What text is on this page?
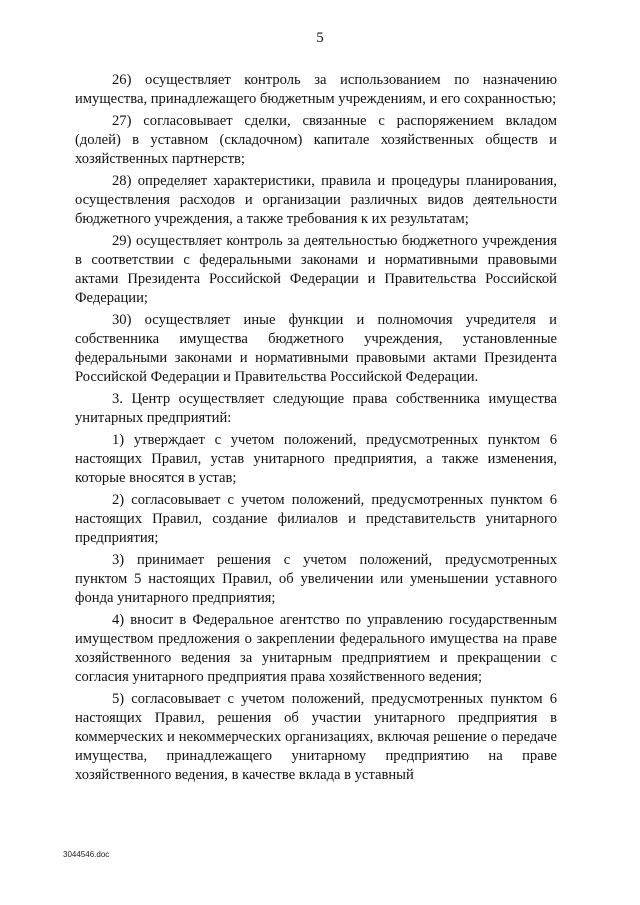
5

26) осуществляет контроль за использованием по назначению имущества, принадлежащего бюджетным учреждениям, и его сохранностью;

27) согласовывает сделки, связанные с распоряжением вкладом (долей) в уставном (складочном) капитале хозяйственных обществ и хозяйственных партнерств;

28) определяет характеристики, правила и процедуры планирования, осуществления расходов и организации различных видов деятельности бюджетного учреждения, а также требования к их результатам;

29) осуществляет контроль за деятельностью бюджетного учреждения в соответствии с федеральными законами и нормативными правовыми актами Президента Российской Федерации и Правительства Российской Федерации;

30) осуществляет иные функции и полномочия учредителя и собственника имущества бюджетного учреждения, установленные федеральными законами и нормативными правовыми актами Президента Российской Федерации и Правительства Российской Федерации.

3. Центр осуществляет следующие права собственника имущества унитарных предприятий:

1) утверждает с учетом положений, предусмотренных пунктом 6 настоящих Правил, устав унитарного предприятия, а также изменения, которые вносятся в устав;

2) согласовывает с учетом положений, предусмотренных пунктом 6 настоящих Правил, создание филиалов и представительств унитарного предприятия;

3) принимает решения с учетом положений, предусмотренных пунктом 5 настоящих Правил, об увеличении или уменьшении уставного фонда унитарного предприятия;

4) вносит в Федеральное агентство по управлению государственным имуществом предложения о закреплении федерального имущества на праве хозяйственного ведения за унитарным предприятием и прекращении с согласия унитарного предприятия права хозяйственного ведения;

5) согласовывает с учетом положений, предусмотренных пунктом 6 настоящих Правил, решения об участии унитарного предприятия в коммерческих и некоммерческих организациях, включая решение о передаче имущества, принадлежащего унитарному предприятию на праве хозяйственного ведения, в качестве вклада в уставный

3044546.doc
